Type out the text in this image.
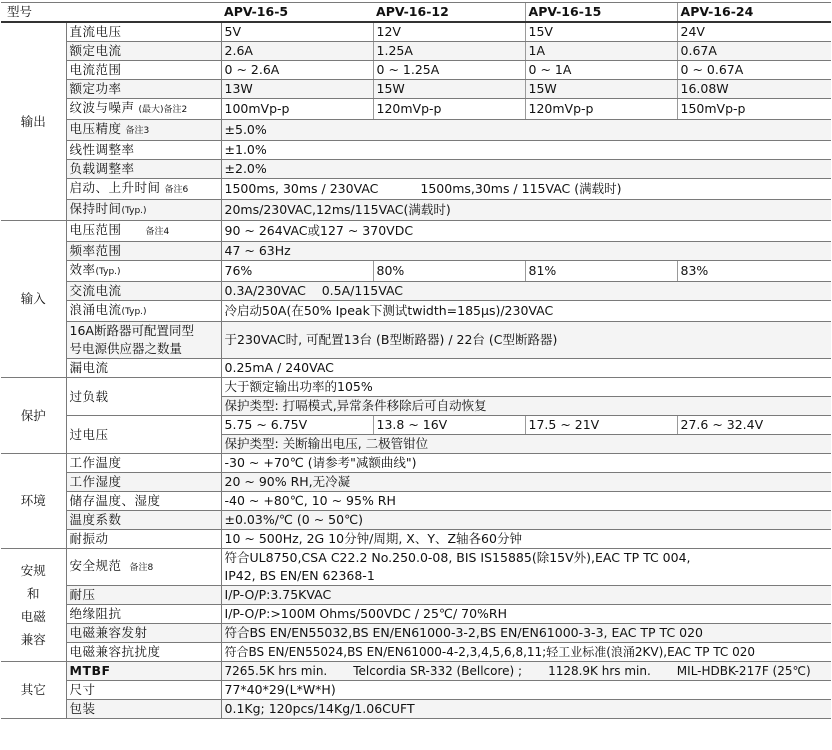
型号		APV-16-5	APV-16-12	APV-16-15	APV-16-24
输出	直流电压	5V	12V	15V	24V
	额定电流	2.6A	1.25A	1A	0.67A
	电流范围	0 ~ 2.6A	0 ~ 1.25A	0 ~ 1A	0 ~ 0.67A
	额定功率	13W	15W	15W	16.08W
	纹波与噪声 (最大)备注2	100mVp-p	120mVp-p	120mVp-p	150mVp-p
	电压精度 备注3	±5.0%			
	线性调整率	±1.0%			
	负载调整率	±2.0%			
	启动、上升时间 备注6	1500ms, 30ms / 230VAC 1500ms,30ms / 115VAC (满载时)			
	保持时间(Typ.)	20ms/230VAC,12ms/115VAC(满载时)			
输入	电压范围 备注4	90 ~ 264VAC或127 ~ 370VDC			
	频率范围	47 ~ 63Hz			
	效率(Typ.)	76%	80%	81%	83%
	交流电流	0.3A/230VAC    0.5A/115VAC			
	浪涌电流(Typ.)	冷启动50A(在50% Ipeak下测试twidth=185µs)/230VAC			

	16A断路器可配置同型
号电源供应器之数量	于230VAC时, 可配置13台 (B型断路器) / 22台 (C型断路器)			
	漏电流	0.25mA / 240VAC			
保护	过负载	大于额定输出功率的105%			
		保护类型: 打嗝模式,异常条件移除后可自动恢复			
	过电压	5.75 ~ 6.75V	13.8 ~ 16V	17.5 ~ 21V	27.6 ~ 32.4V
		保护类型: 关断输出电压, 二极管钳位			
环境	工作温度	-30 ~ +70℃ (请参考"减额曲线")			
	工作湿度	20 ~ 90% RH,无冷凝			
	储存温度、湿度	-40 ~ +80℃, 10 ~ 95% RH			
	温度系数	±0.03%/℃ (0 ~ 50℃)			
	耐振动	10 ~ 500Hz, 2G 10分钟/周期, X、Y、Z轴各60分钟			

安规
和
电磁
兼容	安全规范 备注8	符合UL8750,CSA C22.2 No.250.0-08, BIS IS15885(除15V外),EAC TP TC 004,
IP42, BS EN/EN 62368-1			

	耐压	I/P-O/P:3.75KVAC			
	绝缘阻抗	I/P-O/P:>100M Ohms/500VDC / 25℃/ 70%RH			
	电磁兼容发射	符合BS EN/EN55032,BS EN/EN61000-3-2,BS EN/EN61000-3-3, EAC TP TC 020			
	电磁兼容抗扰度	符合BS EN/EN55024,BS EN/EN61000-4-2,3,4,5,6,8,11;轻工业标准(浪涌2KV),EAC TP TC 020			
其它	MTBF	7265.5K hrs min. Telcordia SR-332 (Bellcore) ; 1128.9K hrs min. MIL-HDBK-217F (25℃)			
	尺寸	77*40*29(L*W*H)			
	包装	0.1Kg; 120pcs/14Kg/1.06CUFT			
